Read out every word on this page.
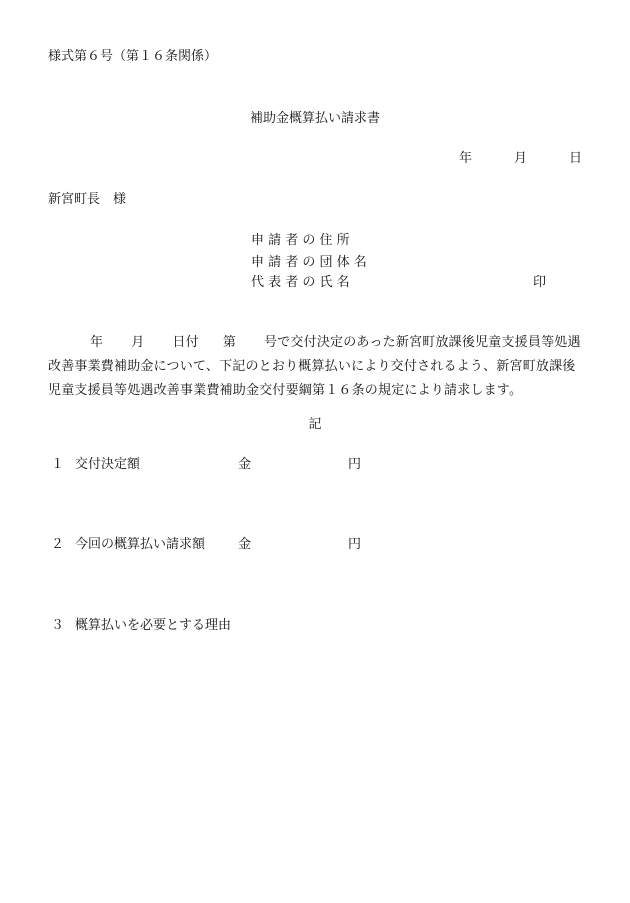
様式第６号（第１６条関係）
補助金概算払い請求書
年	月	日
新宮町長　様
申 請 者 の 住 所
申 請 者 の 団 体 名
代 表 者 の 氏 名	印
年 月 日付 第 号で交付決定のあった新宮町放課後児童支援員等処遇改善事業費補助金について、下記のとおり概算払いにより交付されるよう、新宮町放課後児童支援員等処遇改善事業費補助金交付要綱第１６条の規定により請求します。
記
１ 交付決定額	金	円
２ 今回の概算払い請求額	金	円
３ 概算払いを必要とする理由
